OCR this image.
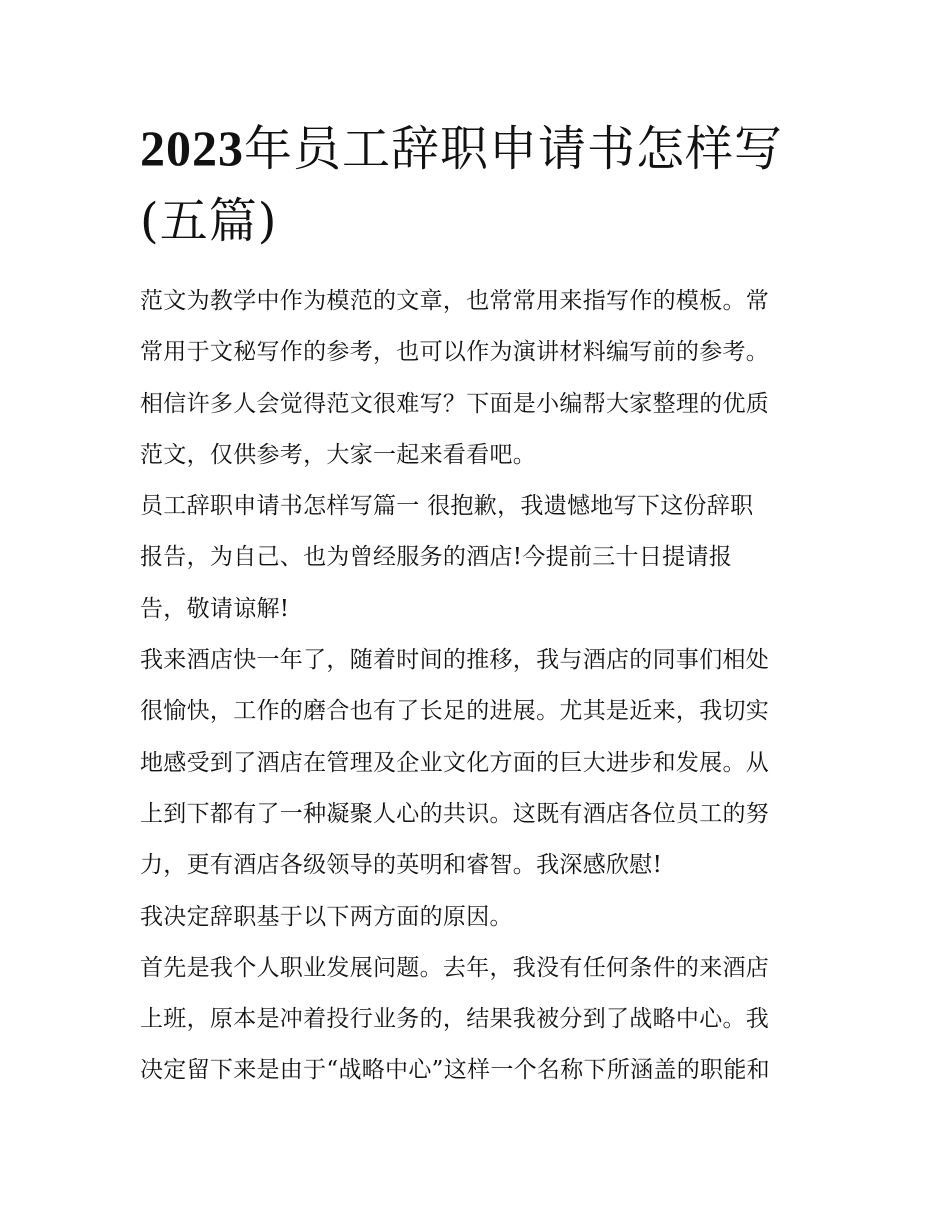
2023年员工辞职申请书怎样写
(五篇)

范文为教学中作为模范的文章，也常常用来指写作的模板。常
常用于文秘写作的参考，也可以作为演讲材料编写前的参考。
相信许多人会觉得范文很难写？下面是小编帮大家整理的优质
范文，仅供参考，大家一起来看看吧。

员工辞职申请书怎样写篇一 很抱歉，我遗憾地写下这份辞职
报告，为自己、也为曾经服务的酒店!今提前三十日提请报
告，敬请谅解!

我来酒店快一年了，随着时间的推移，我与酒店的同事们相处
很愉快，工作的磨合也有了长足的进展。尤其是近来，我切实
地感受到了酒店在管理及企业文化方面的巨大进步和发展。从
上到下都有了一种凝聚人心的共识。这既有酒店各位员工的努
力，更有酒店各级领导的英明和睿智。我深感欣慰!

我决定辞职基于以下两方面的原因。

首先是我个人职业发展问题。去年，我没有任何条件的来酒店
上班，原本是冲着投行业务的，结果我被分到了战略中心。我
决定留下来是由于“战略中心”这样一个名称下所涵盖的职能和
